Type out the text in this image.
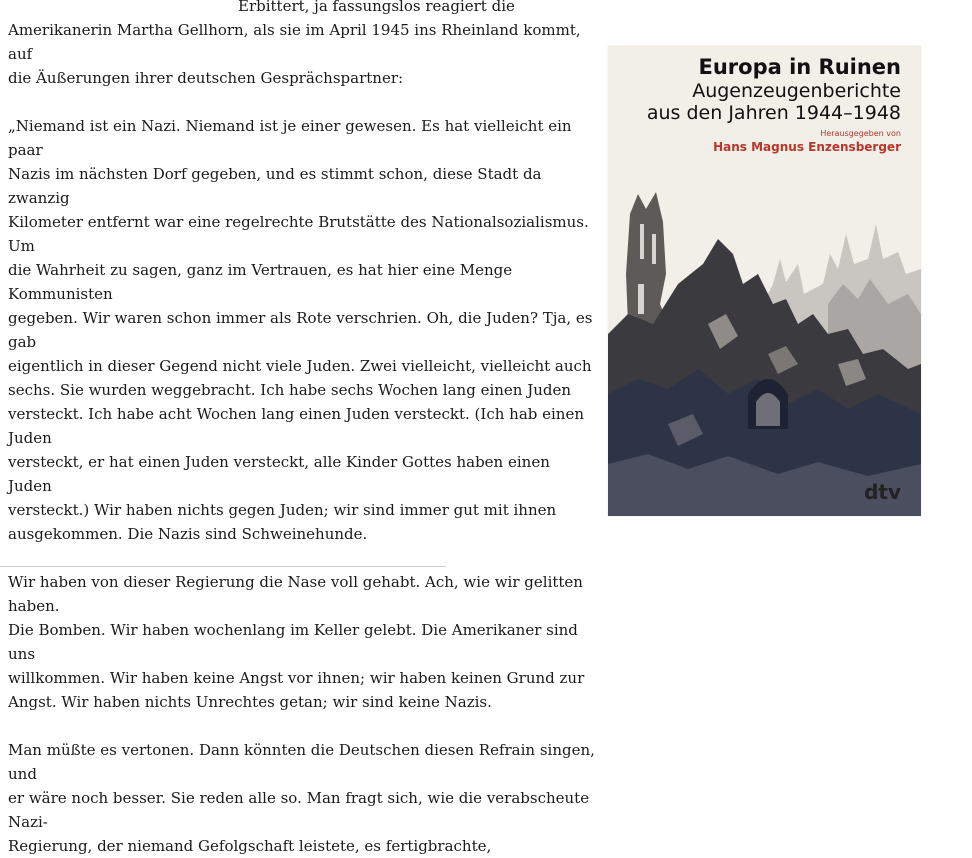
Erbittert, ja fassungslos reagiert die

Amerikanerin Martha Gellhorn, als sie im April 1945 ins Rheinland kommt, auf
die Äußerungen ihrer deutschen Gesprächspartner:

„Niemand ist ein Nazi. Niemand ist je einer gewesen. Es hat vielleicht ein paar
Nazis im nächsten Dorf gegeben, und es stimmt schon, diese Stadt da zwanzig
Kilometer entfernt war eine regelrechte Brutstätte des Nationalsozialismus. Um
die Wahrheit zu sagen, ganz im Vertrauen, es hat hier eine Menge Kommunisten
gegeben. Wir waren schon immer als Rote verschrien. Oh, die Juden? Tja, es gab
eigentlich in dieser Gegend nicht viele Juden. Zwei vielleicht, vielleicht auch
sechs. Sie wurden weggebracht. Ich habe sechs Wochen lang einen Juden
versteckt. Ich habe acht Wochen lang einen Juden versteckt. (Ich hab einen Juden
versteckt, er hat einen Juden versteckt, alle Kinder Gottes haben einen Juden
versteckt.) Wir haben nichts gegen Juden; wir sind immer gut mit ihnen
ausgekommen. Die Nazis sind Schweinehunde.

Wir haben von dieser Regierung die Nase voll gehabt. Ach, wie wir gelitten haben.
Die Bomben. Wir haben wochenlang im Keller gelebt. Die Amerikaner sind uns
willkommen. Wir haben keine Angst vor ihnen; wir haben keinen Grund zur
Angst. Wir haben nichts Unrechtes getan; wir sind keine Nazis.

Man müßte es vertonen. Dann könnten die Deutschen diesen Refrain singen, und
er wäre noch besser. Sie reden alle so. Man fragt sich, wie die verabscheute Nazi-
Regierung, der niemand Gefolgschaft leistete, es fertigbrachte,

Europa in Ruinen
Augenzeugenberichte
aus den Jahren 1944–1948
Herausgegeben von
Hans Magnus Enzensberger
dtv
